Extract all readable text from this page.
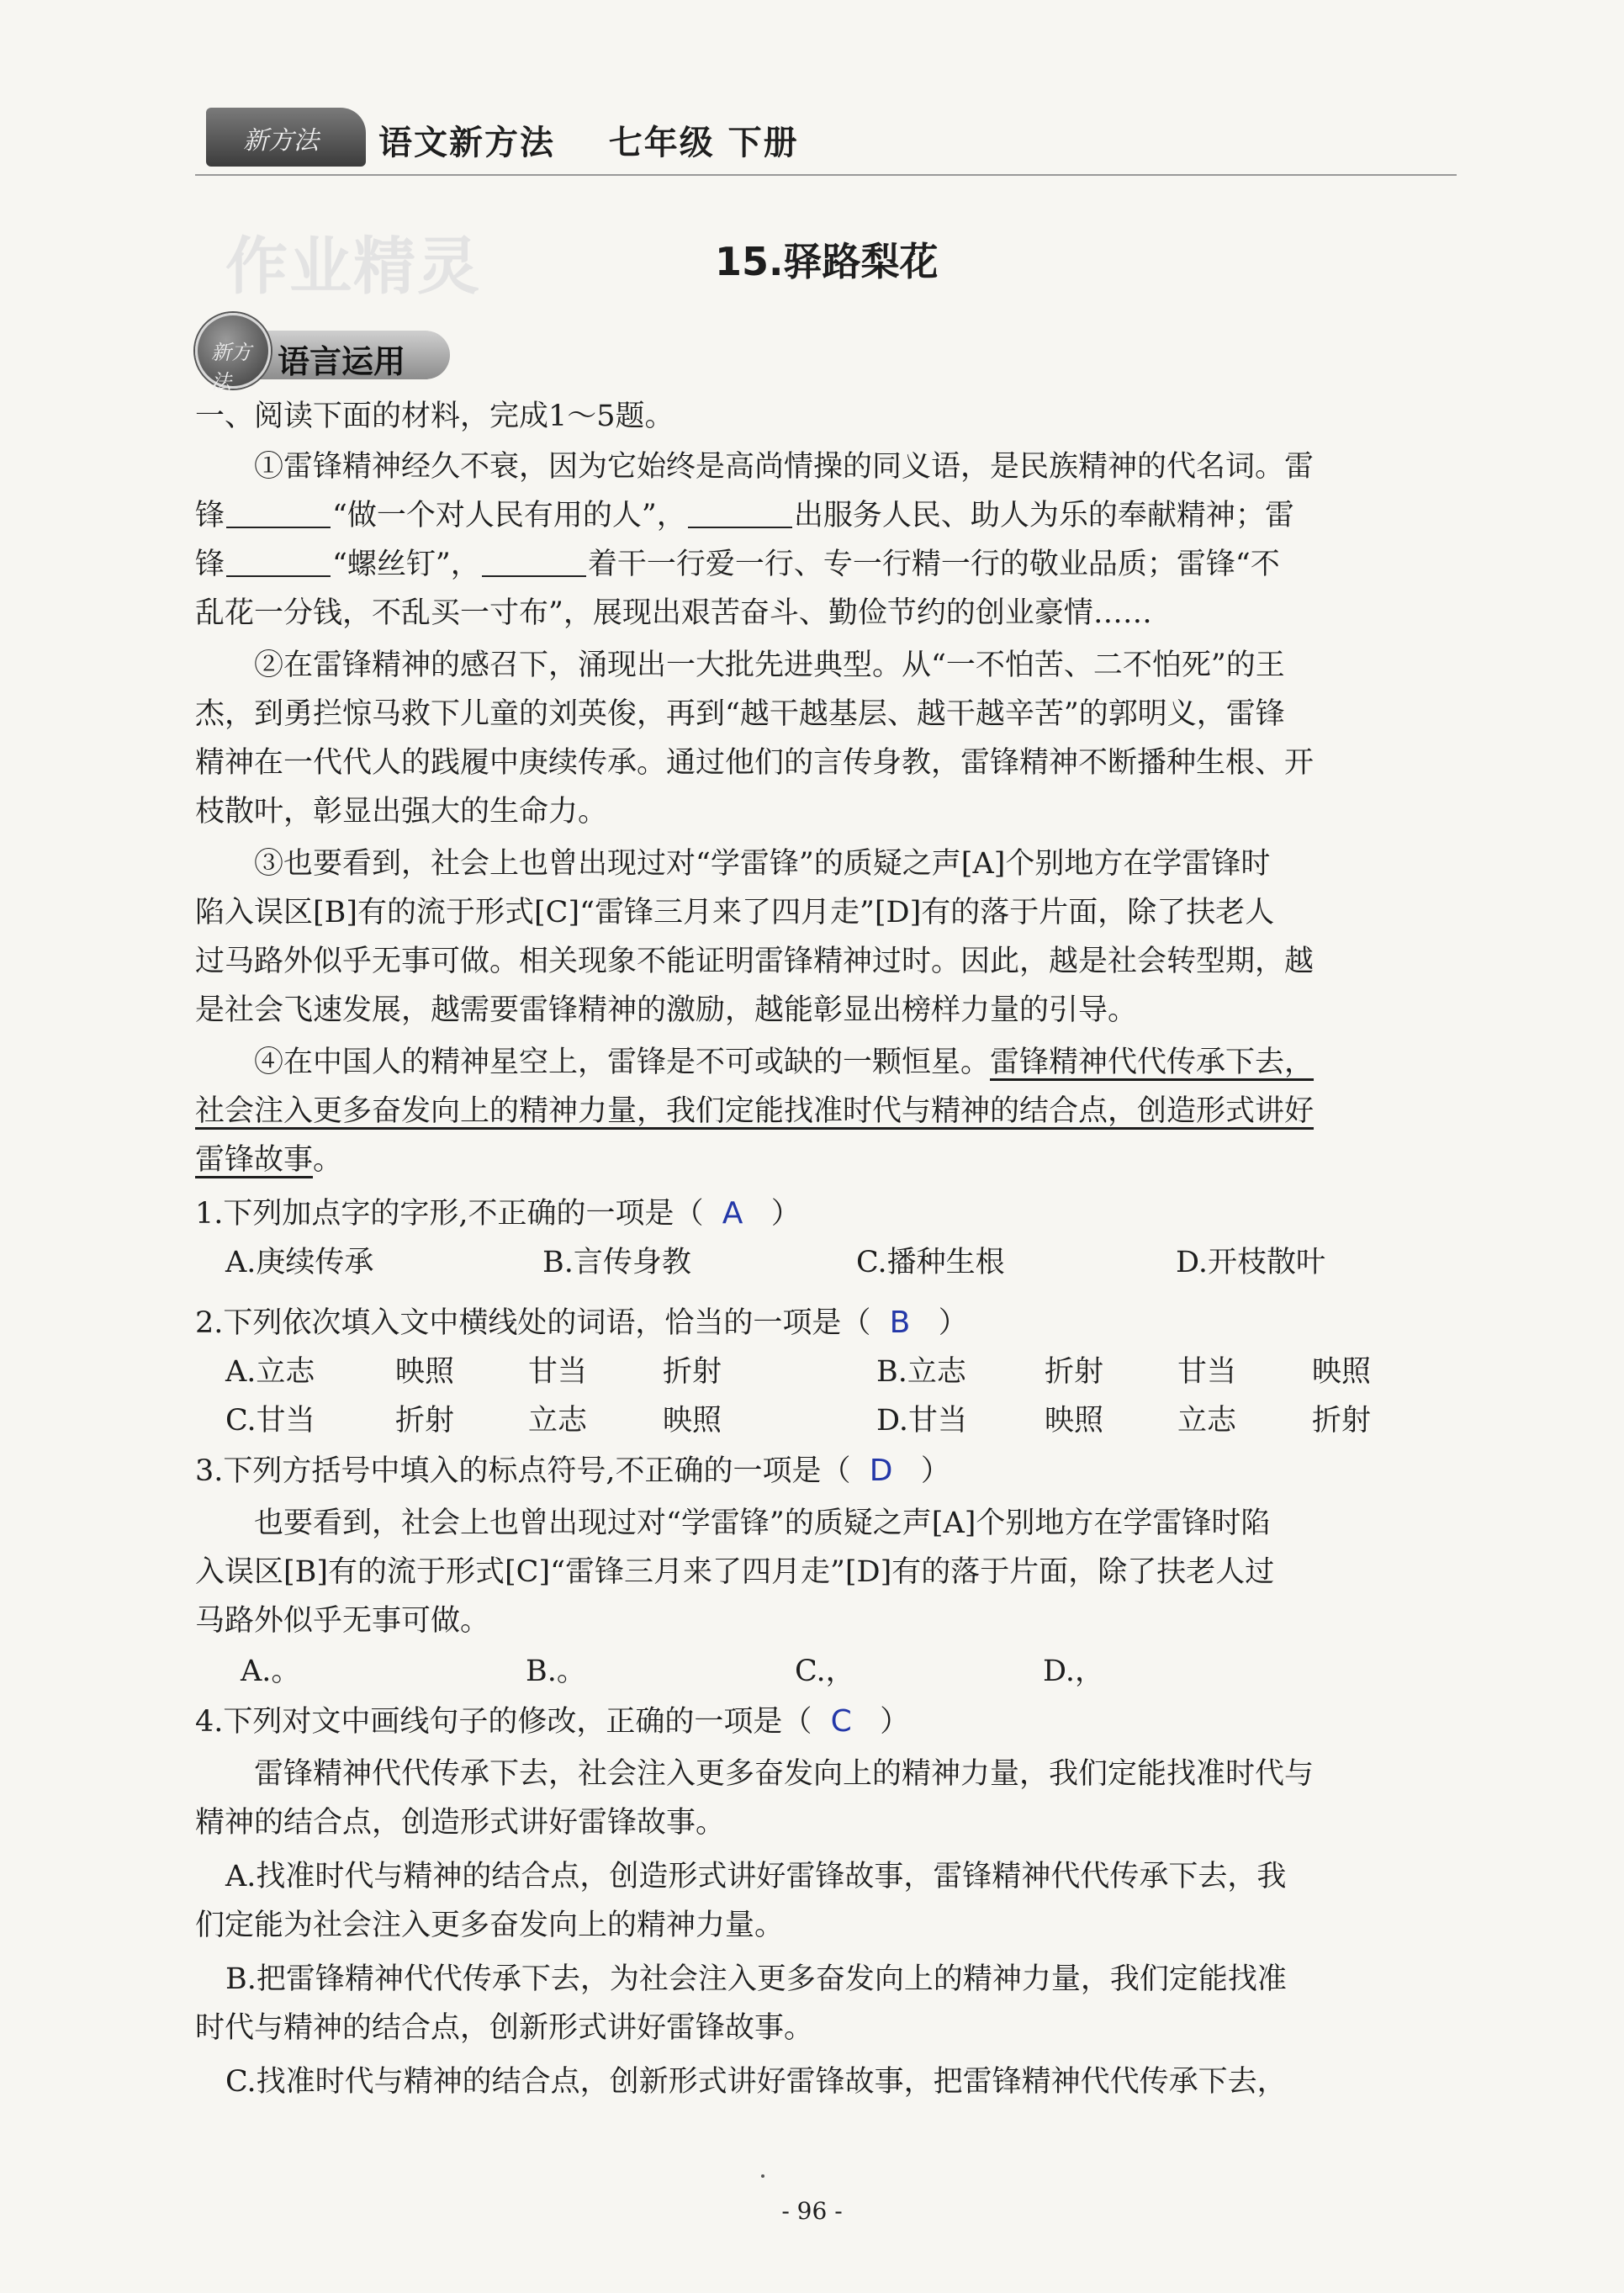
新方法 语文新方法    七年级 下册
作业精灵	15.驿路梨花
语言运用
新方法
一、阅读下面的材料，完成1～5题。
①雷锋精神经久不衰，因为它始终是高尚情操的同义语，是民族精神的代名词。雷
锋	“做一个对人民有用的人”，	出服务人民、助人为乐的奉献精神；雷
锋	“螺丝钉”，	着干一行爱一行、专一行精一行的敬业品质；雷锋“不
乱花一分钱，不乱买一寸布”，展现出艰苦奋斗、勤俭节约的创业豪情……
②在雷锋精神的感召下，涌现出一大批先进典型。从“一不怕苦、二不怕死”的王
杰，到勇拦惊马救下儿童的刘英俊，再到“越干越基层、越干越辛苦”的郭明义，雷锋
精神在一代代人的践履中庚续传承。通过他们的言传身教，雷锋精神不断播种生根、开
枝散叶，彰显出强大的生命力。
③也要看到，社会上也曾出现过对“学雷锋”的质疑之声[A]个别地方在学雷锋时
陷入误区[B]有的流于形式[C]“雷锋三月来了四月走”[D]有的落于片面，除了扶老人
过马路外似乎无事可做。相关现象不能证明雷锋精神过时。因此，越是社会转型期，越
是社会飞速发展，越需要雷锋精神的激励，越能彰显出榜样力量的引导。
④在中国人的精神星空上，雷锋是不可或缺的一颗恒星。雷锋精神代代传承下去，
社会注入更多奋发向上的精神力量，我们定能找准时代与精神的结合点，创造形式讲好
雷锋故事。
1.下列加点字的字形,不正确的一项是（ A ）
A.庚续传承	B.言传身教	C.播种生根	D.开枝散叶
2.下列依次填入文中横线处的词语，恰当的一项是（ B ）
A.立志	映照	甘当	折射	B.立志	折射	甘当	映照
C.甘当	折射	立志	映照	D.甘当	映照	立志	折射
3.下列方括号中填入的标点符号,不正确的一项是（ D ）
也要看到，社会上也曾出现过对“学雷锋”的质疑之声[A]个别地方在学雷锋时陷
入误区[B]有的流于形式[C]“雷锋三月来了四月走”[D]有的落于片面，除了扶老人过
马路外似乎无事可做。
A.。	B.。	C.，	D.，
4.下列对文中画线句子的修改，正确的一项是（ C ）
雷锋精神代代传承下去，社会注入更多奋发向上的精神力量，我们定能找准时代与
精神的结合点，创造形式讲好雷锋故事。
A.找准时代与精神的结合点，创造形式讲好雷锋故事，雷锋精神代代传承下去，我
们定能为社会注入更多奋发向上的精神力量。
B.把雷锋精神代代传承下去，为社会注入更多奋发向上的精神力量，我们定能找准
时代与精神的结合点，创新形式讲好雷锋故事。
C.找准时代与精神的结合点，创新形式讲好雷锋故事，把雷锋精神代代传承下去，
- 96 -
